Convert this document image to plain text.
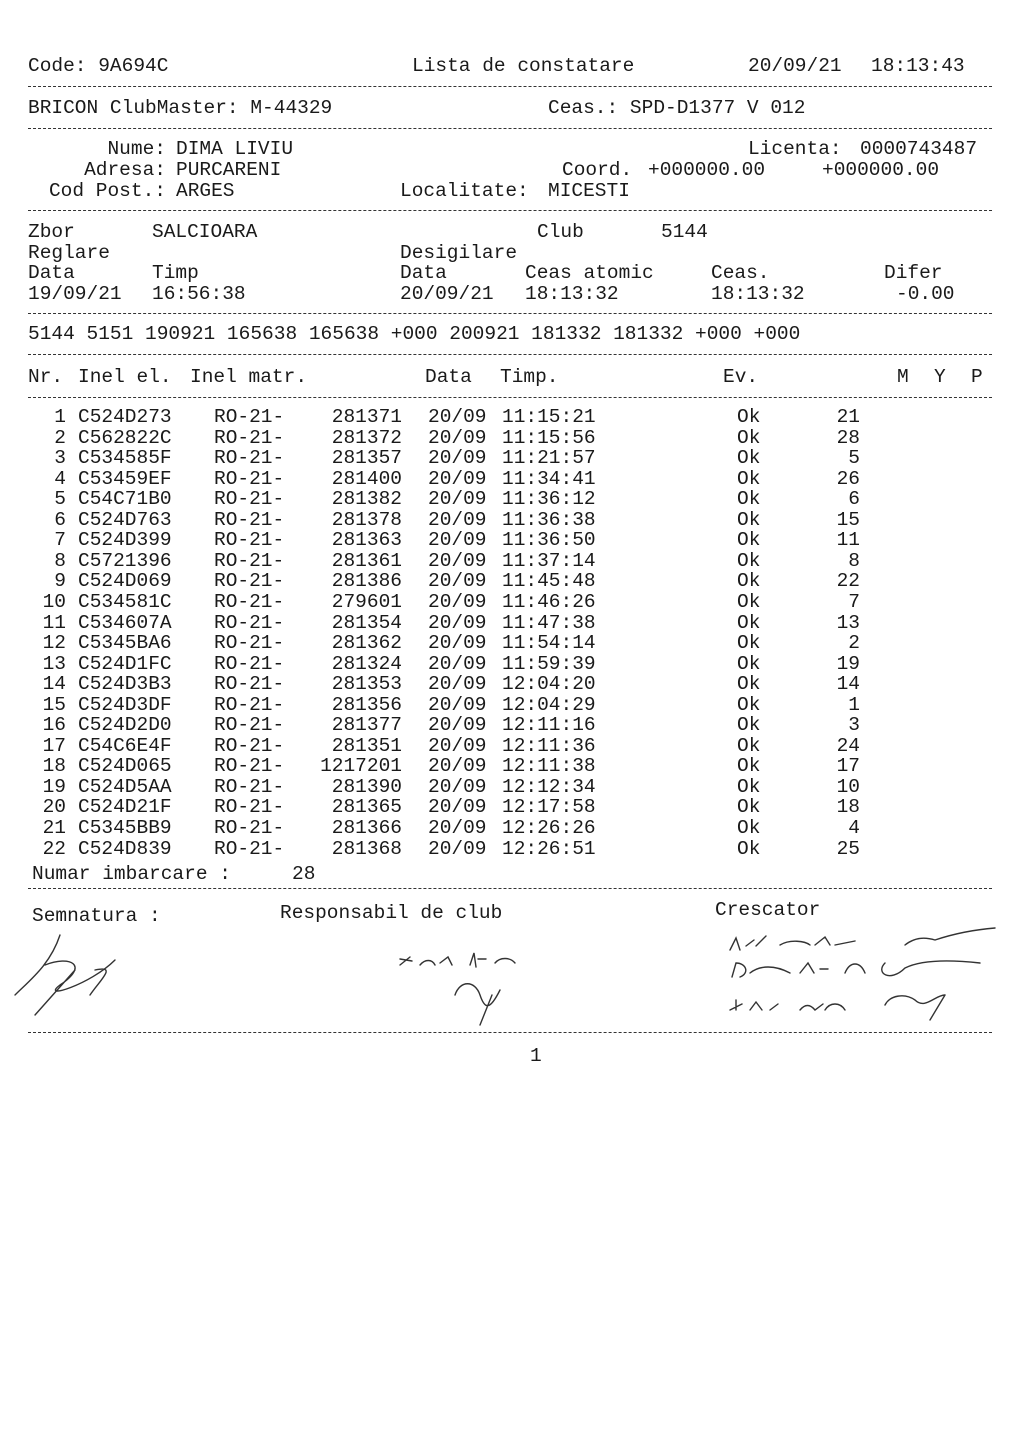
Code: 9A694C	Lista de constatare	20/09/21 18:13:43
BRICON ClubMaster: M-44329	Ceas.: SPD-D1377 V 012
Nume: DIMA LIVIU
Adresa: PURCARENI
Cod Post.: ARGES
Licenta: 0000743487
Coord. +000000.00	+000000.00
Localitate: MICESTI
Zbor	SALCIOARA	Club	5144
Reglare	Desigilare
Data	Timp	Data	Ceas atomic	Ceas.	Difer
19/09/21 16:56:38	20/09/21 18:13:32	18:13:32	-0.00
5144 5151 190921 165638 165638 +000 200921 181332 181332 +000 +000
Nr. Inel el. Inel matr.	Data Timp.	Ev.	M Y P
1 C524D273 RO-21-	281371 20/09 11:15:21	Ok	21
2 C562822C RO-21-	281372 20/09 11:15:56	Ok	28
3 C534585F RO-21-	281357 20/09 11:21:57	Ok	5
4 C53459EF RO-21-	281400 20/09 11:34:41	Ok	26
5 C54C71B0 RO-21-	281382 20/09 11:36:12	Ok	6
6 C524D763 RO-21-	281378 20/09 11:36:38	Ok	15
7 C524D399 RO-21-	281363 20/09 11:36:50	Ok	11
8 C5721396 RO-21-	281361 20/09 11:37:14	Ok	8
9 C524D069 RO-21-	281386 20/09 11:45:48	Ok	22
10 C534581C RO-21-	279601 20/09 11:46:26	Ok	7
11 C534607A RO-21-	281354 20/09 11:47:38	Ok	13
12 C5345BA6 RO-21-	281362 20/09 11:54:14	Ok	2
13 C524D1FC RO-21-	281324 20/09 11:59:39	Ok	19
14 C524D3B3 RO-21-	281353 20/09 12:04:20	Ok	14
15 C524D3DF RO-21-	281356 20/09 12:04:29	Ok	1
16 C524D2D0 RO-21-	281377 20/09 12:11:16	Ok	3
17 C54C6E4F RO-21-	281351 20/09 12:11:36	Ok	24
18 C524D065 RO-21-	1217201 20/09 12:11:38	Ok	17
19 C524D5AA RO-21-	281390 20/09 12:12:34	Ok	10
20 C524D21F RO-21-	281365 20/09 12:17:58	Ok	18
21 C5345BB9 RO-21-	281366 20/09 12:26:26	Ok	4
22 C524D839 RO-21-	281368 20/09 12:26:51	Ok	25
Numar imbarcare :	28
Semnatura :	Responsabil de club	Crescator
1
